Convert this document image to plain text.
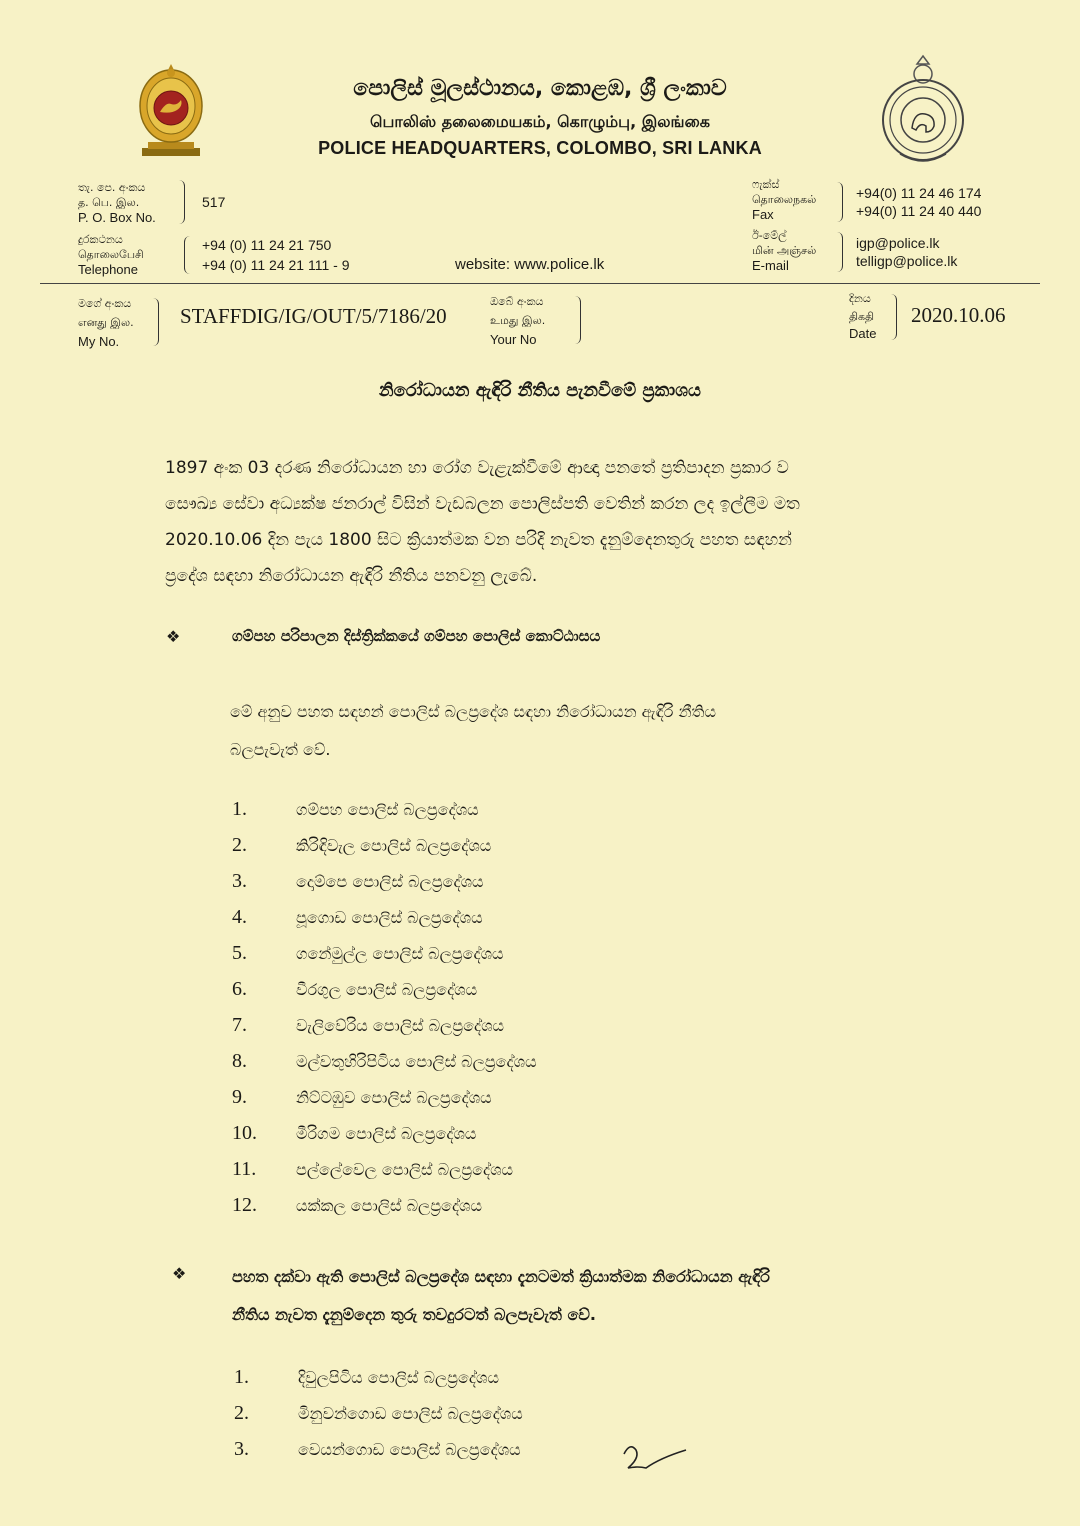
පොලිස් මූලස්ථානය, කොළඹ, ශ්‍රී ලංකාව
பொலிஸ் தலைமையகம், கொழும்பு, இலங்கை
POLICE HEADQUARTERS, COLOMBO, SRI LANKA
තැ. පෙ. අංකය
த. பெ. இல.
P. O. Box No.
517
දුරකථනය
தொலைபேசி
Telephone
+94 (0) 11 24 21 750
+94 (0) 11 24 21 111 - 9	website: www.police.lk
ෆැක්ස්
தொலைநகல்
Fax
+94(0) 11 24 46 174
+94(0) 11 24 40 440
ඊ-මේල්
மின் அஞ்சல்
E-mail
igp@police.lk
telligp@police.lk
මගේ අංකය
எனது இல.
My No.
STAFFDIG/IG/OUT/5/7186/20
ඔබේ අංකය
உமது இல.
Your No
දිනය
திகதி
Date
2020.10.06
නිරෝධායන ඇඳිරි නීතිය පැනවීමේ ප්‍රකාශය
1897 අංක 03 දරණ නිරෝධායන හා රෝග වැළැක්වීමේ ආඥා පනතේ ප්‍රතිපාදන ප්‍රකාර ව
සෞඛ්‍ය සේවා අධ්‍යක්ෂ ජනරාල් විසින් වැඩබලන පොලිස්පති වෙතින් කරන ලද ඉල්ලීම මත
2020.10.06 දින පැය 1800 සිට ක්‍රියාත්මක වන පරිදි නැවත දැනුම්දෙනතුරු පහත සඳහන්
ප්‍රදේශ සඳහා නිරෝධායන ඇඳිරි නීතිය පනවනු ලැබේ.
❖	ගම්පහ පරිපාලන දිස්ත්‍රික්කයේ ගම්පහ පොලිස් කොට්ඨාසය
මේ අනුව පහත සඳහන් පොලිස් බලප්‍රදේශ සඳහා නිරෝධායන ඇඳිරි නීතිය
බලපැවැත් වේ.
1.	ගම්පහ පොලිස් බලප්‍රදේශය
2.	කිරිඳිවැල පොලිස් බලප්‍රදේශය
3.	දොම්පෙ පොලිස් බලප්‍රදේශය
4.	පූගොඩ පොලිස් බලප්‍රදේශය
5.	ගනේමුල්ල පොලිස් බලප්‍රදේශය
6.	වීරගුල පොලිස් බලප්‍රදේශය
7.	වැලිවේරිය පොලිස් බලප්‍රදේශය
8.	මල්වතුහිරිපිටිය පොලිස් බලප්‍රදේශය
9.	නිට්ටඹුව පොලිස් බලප්‍රදේශය
10.	මීරිගම පොලිස් බලප්‍රදේශය
11.	පල්ලේවෙල පොලිස් බලප්‍රදේශය
12.	යක්කල පොලිස් බලප්‍රදේශය
❖	පහත දක්වා ඇති පොලිස් බලප්‍රදේශ සඳහා දැනටමත් ක්‍රියාත්මක නිරෝධායන ඇඳිරි
නීතිය නැවත දැනුම්දෙන තුරු තවදුරටත් බලපැවැත් වේ.
1.	දිවුලපිටිය පොලිස් බලප්‍රදේශය
2.	මිනුවන්ගොඩ පොලිස් බලප්‍රදේශය
3.	වෙයන්ගොඩ පොලිස් බලප්‍රදේශය
